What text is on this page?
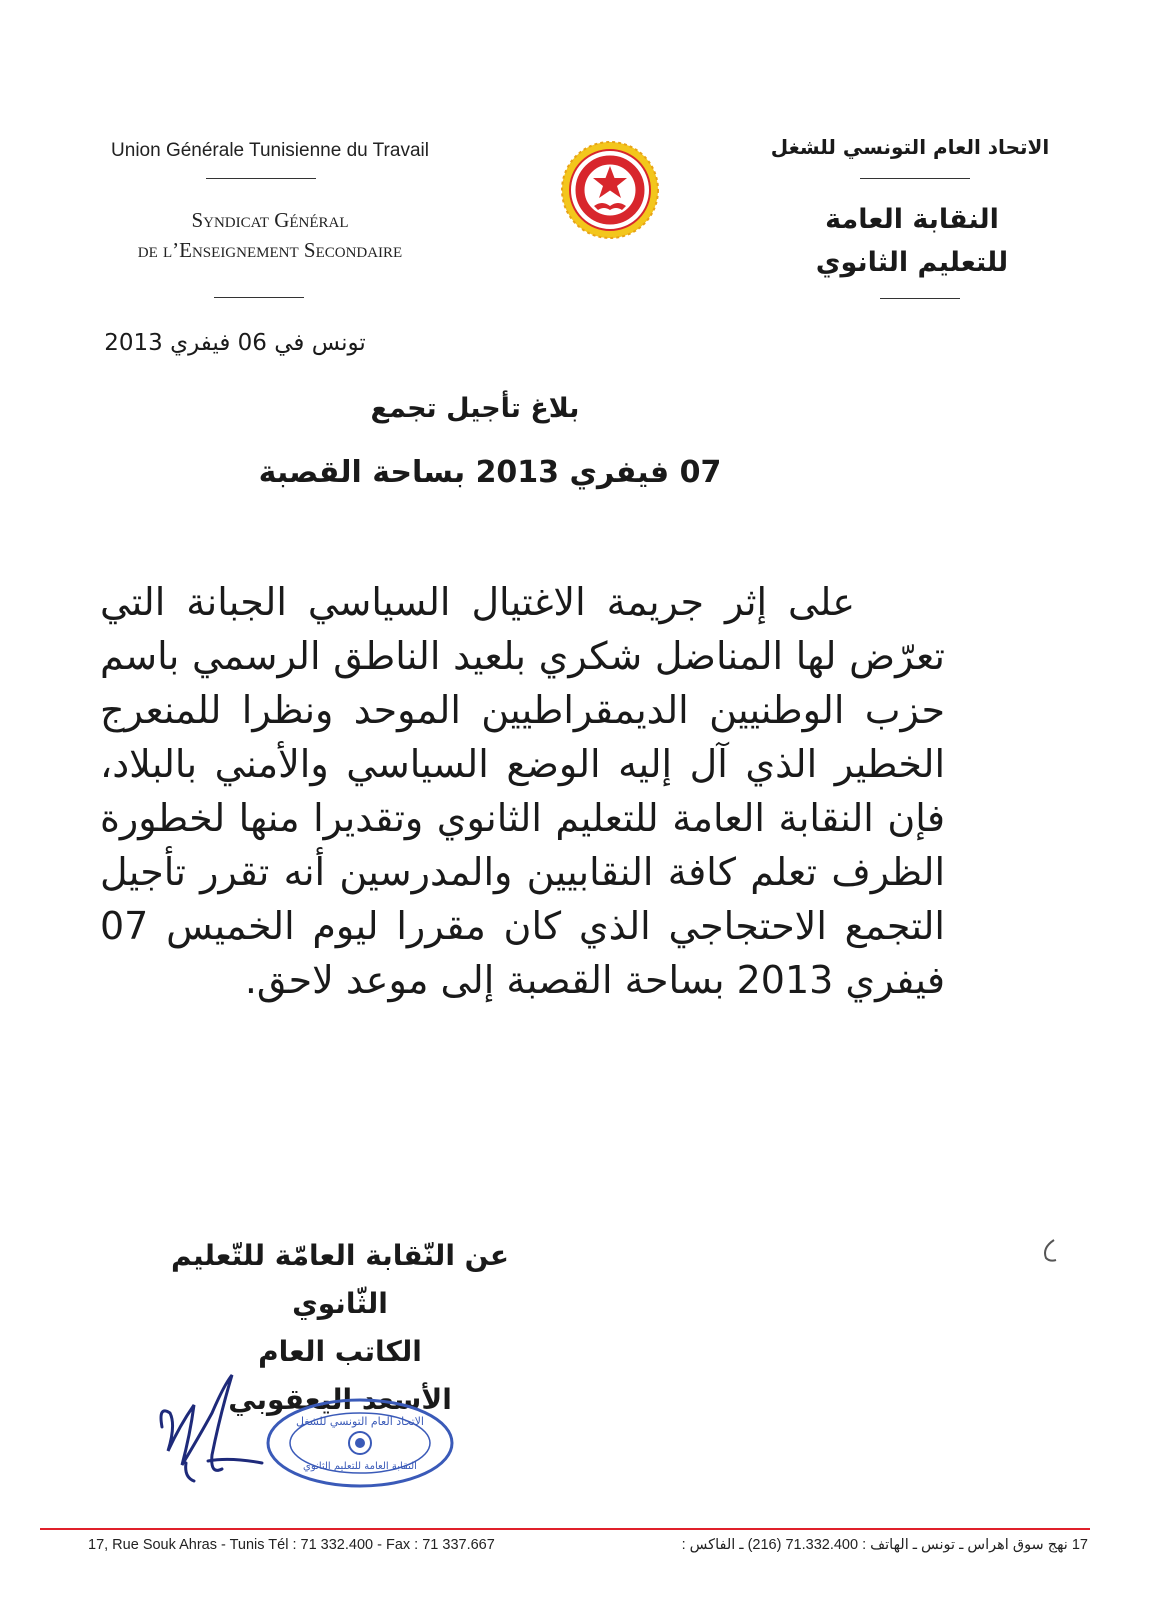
Union Générale Tunisienne du Travail
Syndicat Général
de l’Enseignement Secondaire
الاتحاد العام التونسي للشغل
النقابة العامة
للتعليم الثانوي
تونس في 06 فيفري 2013
بلاغ تأجيل تجمع
07 فيفري 2013 بساحة القصبة

على إثر جريمة الاغتيال السياسي الجبانة التي تعرّض لها المناضل شكري بلعيد الناطق الرسمي باسم حزب الوطنيين الديمقراطيين الموحد ونظرا للمنعرج الخطير الذي آل إليه الوضع السياسي والأمني بالبلاد، فإن النقابة العامة للتعليم الثانوي وتقديرا منها لخطورة الظرف تعلم كافة النقابيين والمدرسين أنه تقرر تأجيل التجمع الاحتجاجي الذي كان مقررا ليوم الخميس 07 فيفري 2013 بساحة القصبة إلى موعد لاحق.

عن النّقابة العامّة للتّعليم الثّانوي
الكاتب العام
الأسعد اليعقوبي
الاتحاد العام التونسي للشغل
النقابة العامة للتعليم الثانوي
17, Rue Souk Ahras - Tunis Tél : 71 332.400 - Fax : 71 337.667	17 نهج سوق اهراس ـ تونس ـ الهاتف : 71.332.400 (216) ـ الفاكس :
